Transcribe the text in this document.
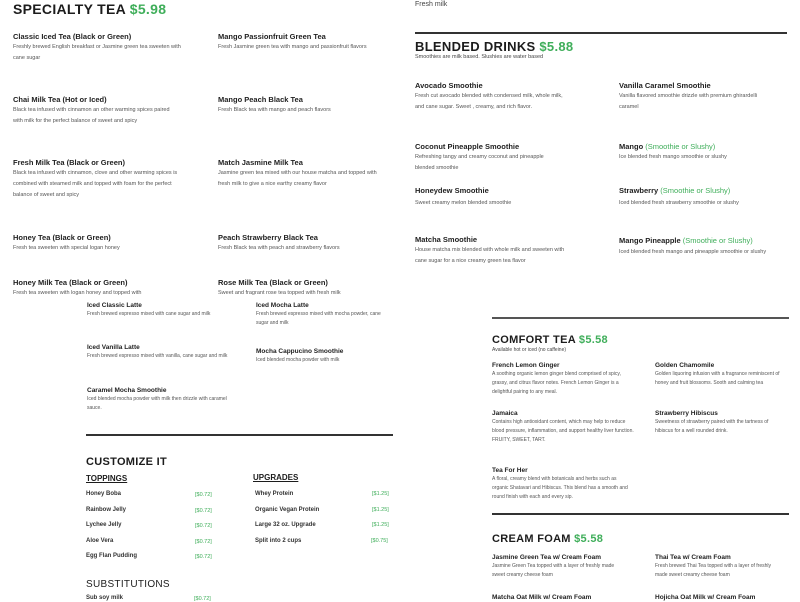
SPECIALTY TEA $5.98
Classic Iced Tea (Black or Green)
Freshly brewed English breakfast or Jasmine green tea sweeten with cane sugar
Mango Passionfruit Green Tea
Fresh Jasmine green tea with mango and passionfruit flavors
Chai Milk Tea (Hot or Iced)
Black tea infused with cinnamon an other warming spices paired with milk for the perfect balance of sweet and spicy
Mango Peach Black Tea
Fresh Black tea with mango and peach flavors
Fresh Milk Tea (Black or Green)
Black tea infused with cinnamon, clove and other warming spices is combined with steamed milk and topped with foam for the perfect balance of sweet and spicy
Match Jasmine Milk Tea
Jasmine green tea mixed with our house matcha and topped with fresh milk to give a nice earthy creamy flavor
Honey Tea (Black or Green)
Fresh tea sweeten with special logan honey
Peach Strawberry Black Tea
Fresh Black tea with peach and strawberry flavors
Honey Milk Tea (Black or Green)
Fresh tea sweeten with logan honey and topped with
Rose Milk Tea (Black or Green)
Sweet and fragrant rose tea topped with fresh milk
Iced Classic Latte
Fresh brewed espresso mixed with cane sugar and milk
Iced Mocha Latte
Fresh brewed espresso mixed with mocha powder, cane sugar and milk
Iced Vanilla Latte
Fresh brewed espresso mixed with vanilla, cane sugar and milk
Mocha Cappucino Smoothie
Iced blended mocha powder with milk
Caramel Mocha Smoothie
Iced blended mocha powder with milk then drizzle with caramel sauce.
CUSTOMIZE IT
TOPPINGS	UPGRADES
Honey Boba	[$0.72]
Rainbow Jelly	[$0.72]
Lychee Jelly	[$0.72]
Aloe Vera	[$0.72]
Egg Flan Pudding	[$0.72]
Whey Protein	[$1.25]
Organic Vegan Protein	[$1.25]
Large 32 oz. Upgrade	[$1.25]
Split into 2 cups	[$0.75]
SUBSTITUTIONS
Sub soy milk	[$0.72]
Fresh milk
BLENDED DRINKS $5.88
Smoothies are milk based. Slushies are water based
Avocado Smoothie
Fresh cut avocado blended with condensed milk, whole milk, and cane sugar. Sweet , creamy, and rich flavor.
Vanilla Caramel Smoothie
Vanilla flavored smoothie drizzle with premium ghirardelli caramel
Coconut Pineapple Smoothie
Refreshing tangy and creamy coconut and pineapple blended smoothie
Mango (Smoothie or Slushy)
Ice blended fresh mango smoothie or slushy
Honeydew Smoothie
Sweet creamy melon blended smoothie
Strawberry (Smoothie or Slushy)
Iced blended fresh strawberry smoothie or slushy
Matcha Smoothie
House matcha mix blended with whole milk and sweeten with cane sugar for a nice creamy green tea flavor
Mango Pineapple (Smoothie or Slushy)
Iced blended fresh mango and pineapple smoothie or slushy
COMFORT TEA $5.58
Available hot or iced (no caffeine)
French Lemon Ginger
A soothing organic lemon ginger blend comprised of spicy, grassy, and citrus flavor notes. French Lemon Ginger is a delightful pairing to any meal.
Golden Chamomile
Golden liquoring infusion with a fragrance reminiscent of honey and fruit blossoms. Sooth and calming tea
Jamaica
Contains high antioxidant content, which may help to reduce blood pressure, inflammation, and support healthy liver function.
FRUITY, SWEET, TART.
Strawberry Hibiscus
Sweetness of strawberry paired with the tartness of hibiscus for a well rounded drink.
Tea For Her
A floral, creamy blend with botanicals and herbs such as organic Shatavari and Hibiscus. This blend has a smooth and round finish with each and every sip.
CREAM FOAM $5.58
Jasmine Green Tea w/ Cream Foam
Jasmine Green Tea topped with a layer of freshly made sweet creamy cheese foam
Thai Tea w/ Cream Foam
Fresh brewed Thai Tea topped with a layer of freshly made sweet creamy cheese foam
Matcha Oat Milk w/ Cream Foam	Hojicha Oat Milk w/ Cream Foam
